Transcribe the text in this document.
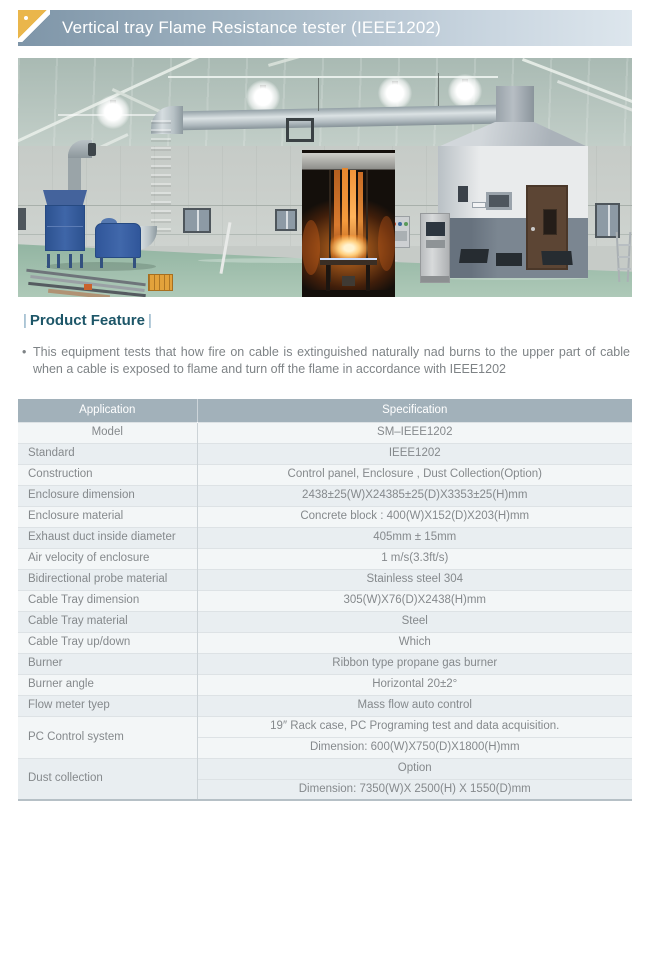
Vertical tray Flame Resistance tester (IEEE1202)
| Product Feature |
• This equipment tests that how fire on cable is extinguished naturally nad burns to the upper part of cable when a cable is exposed to flame and turn off the flame in accordance with IEEE1202
Application	Specification
Model	SM–IEEE1202
Standard	IEEE1202
Construction	Control panel, Enclosure , Dust Collection(Option)
Enclosure dimension	2438±25(W)X24385±25(D)X3353±25(H)mm
Enclosure material	Concrete block : 400(W)X152(D)X203(H)mm
Exhaust duct inside diameter	405mm ± 15mm
Air velocity of enclosure	1 m/s(3.3ft/s)
Bidirectional probe material	Stainless steel 304
Cable Tray dimension	305(W)X76(D)X2438(H)mm
Cable Tray material	Steel
Cable Tray up/down	Which
Burner	Ribbon type propane gas burner
Burner angle	Horizontal 20±2°
Flow meter tyep	Mass flow auto control
PC Control system	19″ Rack case, PC Programing test and data acquisition.
	Dimension: 600(W)X750(D)X1800(H)mm
Dust collection	Option
	Dimension: 7350(W)X 2500(H) X 1550(D)mm
